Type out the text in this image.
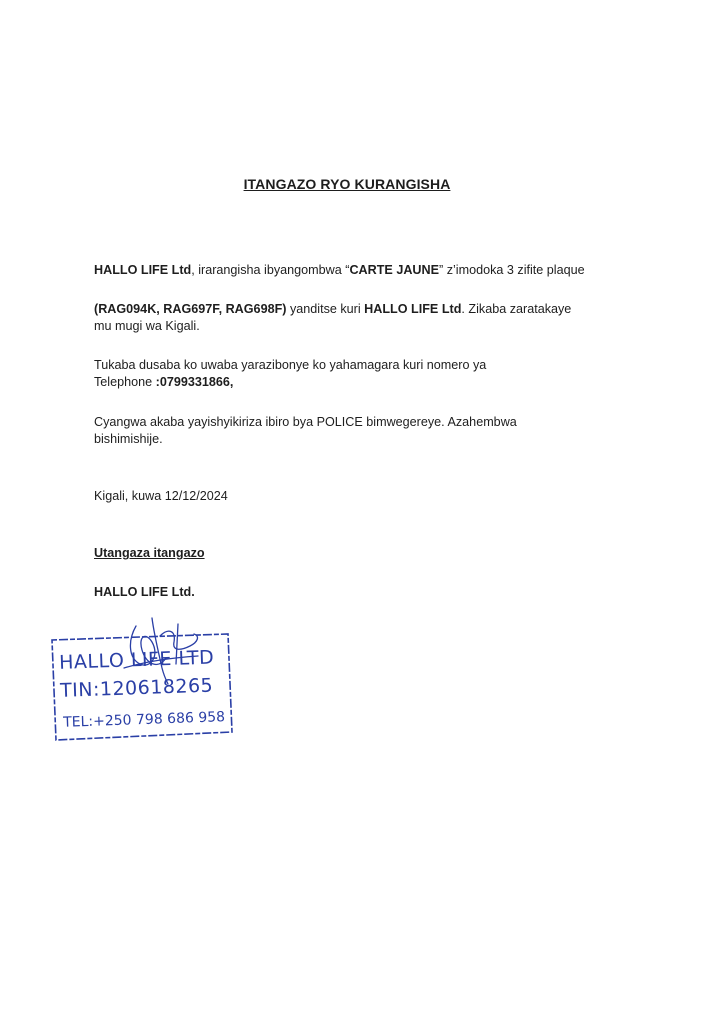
ITANGAZO RYO KURANGISHA
HALLO LIFE Ltd, irarangisha ibyangombwa “CARTE JAUNE” z’imodoka 3 zifite plaque
(RAG094K, RAG697F, RAG698F) yanditse kuri HALLO LIFE Ltd. Zikaba zaratakaye
mu mugi wa Kigali.
Tukaba dusaba ko uwaba yarazibonye ko yahamagara kuri nomero ya
Telephone :0799331866,
Cyangwa akaba yayishyikiriza ibiro bya POLICE bimwegereye. Azahembwa
bishimishije.
Kigali, kuwa 12/12/2024
Utangaza itangazo
HALLO LIFE Ltd.
HALLO LIFE LTD
TIN:120618265
TEL:+250 798 686 958
